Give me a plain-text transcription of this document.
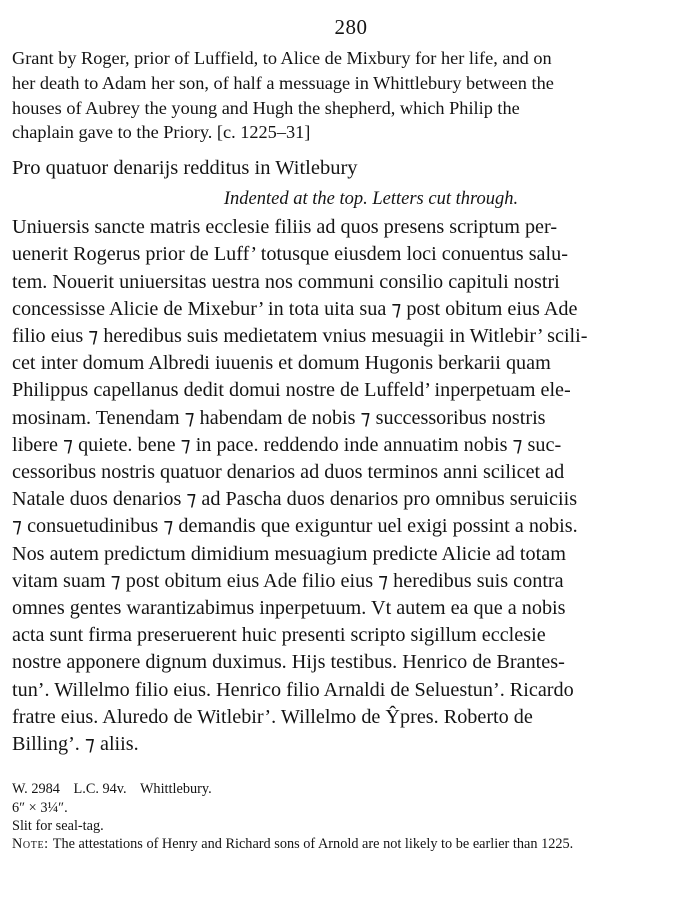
280

Grant by Roger, prior of Luffield, to Alice de Mixbury for her life, and on
her death to Adam her son, of half a messuage in Whittlebury between the
houses of Aubrey the young and Hugh the shepherd, which Philip the
chaplain gave to the Priory. [c. 1225–31]

Pro quatuor denarijs redditus in Witlebury
Indented at the top. Letters cut through.

Uniuersis sancte matris ecclesie filiis ad quos presens scriptum per-
uenerit Rogerus prior de Luff’ totusque eiusdem loci conuentus salu-
tem. Nouerit uniuersitas uestra nos communi consilio capituli nostri
concessisse Alicie de Mixebur’ in tota uita sua ⁊ post obitum eius Ade
filio eius ⁊ heredibus suis medietatem vnius mesuagii in Witlebir’ scili-
cet inter domum Albredi iuuenis et domum Hugonis berkarii quam
Philippus capellanus dedit domui nostre de Luffeld’ inperpetuam ele-
mosinam. Tenendam ⁊ habendam de nobis ⁊ successoribus nostris
libere ⁊ quiete. bene ⁊ in pace. reddendo inde annuatim nobis ⁊ suc-
cessoribus nostris quatuor denarios ad duos terminos anni scilicet ad
Natale duos denarios ⁊ ad Pascha duos denarios pro omnibus seruiciis
⁊ consuetudinibus ⁊ demandis que exiguntur uel exigi possint a nobis.
Nos autem predictum dimidium mesuagium predicte Alicie ad totam
vitam suam ⁊ post obitum eius Ade filio eius ⁊ heredibus suis contra
omnes gentes warantizabimus inperpetuum. Vt autem ea que a nobis
acta sunt firma preseruerent huic presenti scripto sigillum ecclesie
nostre apponere dignum duximus. Hijs testibus. Henrico de Brantes-
tun’. Willelmo filio eius. Henrico filio Arnaldi de Seluestun’. Ricardo
fratre eius. Aluredo de Witlebir’. Willelmo de Ŷpres. Roberto de
Billing’. ⁊ aliis.

W. 2984 L.C. 94v. Whittlebury.

6″ × 3¼″.

Slit for seal-tag.

Note: The attestations of Henry and Richard sons of Arnold are not likely to be earlier than 1225.
